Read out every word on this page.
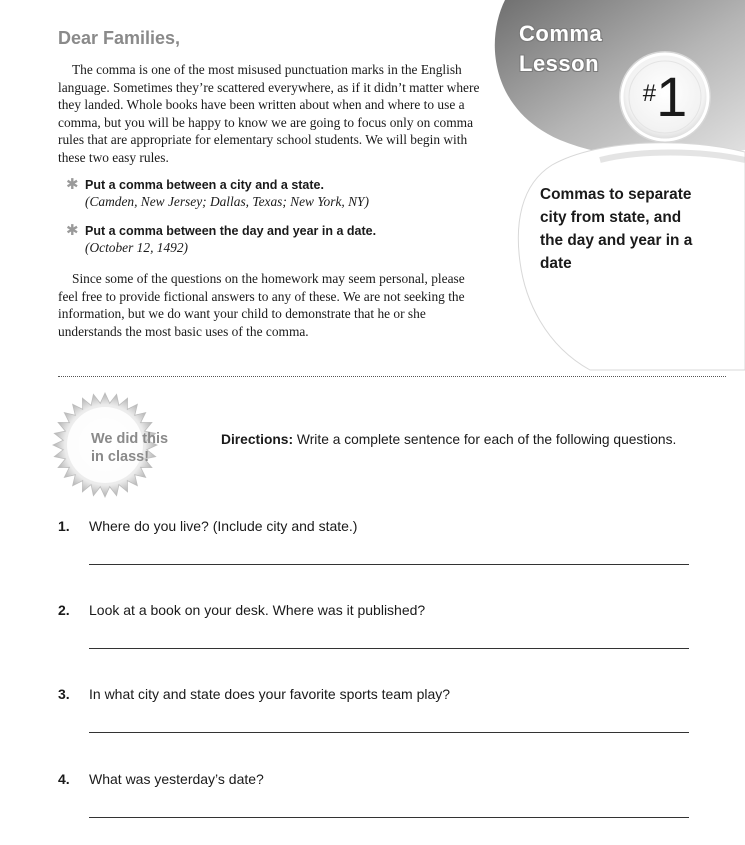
Dear Families,

The comma is one of the most misused punctuation marks in the English language. Sometimes they’re scattered everywhere, as if it didn’t matter where they landed. Whole books have been written about when and where to use a comma, but you will be happy to know we are going to focus only on comma rules that are appropriate for elementary school students. We will begin with these two easy rules.

✱ Put a comma between a city and a state.
(Camden, New Jersey; Dallas, Texas; New York, NY)
✱ Put a comma between the day and year in a date.
(October 12, 1492)

Since some of the questions on the homework may seem personal, please feel free to provide fictional answers to any of these. We are not seeking the information, but we do want your child to demonstrate that he or she understands the most basic uses of the comma.

Comma
Lesson
# 1

Commas to separate city from state, and the day and year in a date

We did this
in class!

Directions: Write a complete sentence for each of the following questions.

1. Where do you live? (Include city and state.)
2. Look at a book on your desk. Where was it published?
3. In what city and state does your favorite sports team play?
4. What was yesterday’s date?
